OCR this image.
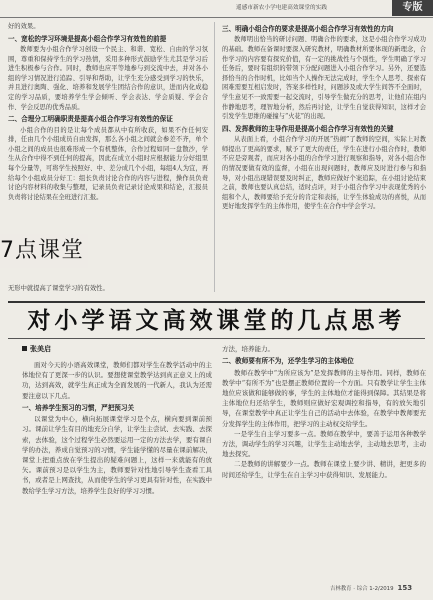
遥感市新农小学电建高效课堂的实践	专版

好的效果。

一、宽松的学习环境是提高小组合作学习有效性的前提

教师要为小组合作学习创设一个民主、和谐、宽松、自由的学习氛围，尊重和保持学生的学习热情，采用多种形式鼓励学生尤其是学习后进生积极参与合作。同时，教师也应平等地参与到交流中去，并对各小组的学习情况进行追踪、引导和帮助，让学生充分感受到学习的快乐，并且进行奥陶、强化、培养和发展学生团结合作的意识，进而内化成稳定的学习品质，要培养学生学会倾听、学会表达、学会质疑、学会合作、学会反思的优秀品质。

二、合理分工明确职责是提高小组合作学习有效性的保证

小组合作的目的是让每个成员都从中有所收获，如果不作任何安排，任由几个小组成员自由发挥，那么各小组之间就会参差不齐，单个小组之间的成员也很难形成一个有机整体，合作过程如同一盘散沙，学生从合作中得不到任何的提高，因此在成立小组时应根据能力分好组里每个分量等，可将学生按照好、中、差分成几个小组，每组4人为宜，再给每个小组成员分好工：组长负责讨论合作的内容与进程，操作员负责讨论内容材料的收集与整理，记录员负责记录讨论成果和结论，汇报员负责将讨论结果在全班进行汇报。

三、明确小组合作的要求是提高小组合作学习有效性的方向

教师明出恰当的研讨问题、明确合作的要求，这是小组合作学习成功的基础。教师在备课时要深入研究教材，明确教材所要体现的新理念，合作学习的内容要有探究价值，有一定的挑战性与个别性，学生明确了学习任务后，要时有组织的带领下分配问题进入小组合作学习。另外，还要选择恰当的合作时机，比如当个人操作无法完成时，学生个人思考、探索有困难需要互相启发时，答案多样性时，问题涉及或大学生间答不全面时，学生意见不一致需要一起交流时，引导学生做充分的思考，让他们在组内作静地思考，理智地分析，然后再讨论，让学生自觉获得知识，这样才会引发学生思维的碰撞与“火花”的出现。

四、发挥教师的主导作用是提高小组合作学习有效性的关键

从表面上看，小组合作学习的开展“热闹”了教师的空间，实际上对教师提出了更高的要求，赋予了更大的责任，学生在进行小组合作时，教师不应是旁观者，而应对各小组的合作学习进行观察和指导，对各小组合作的情况要做有效的监督，小组在出现问题时，教师应及时进行参与和指导，对小组出现错误要及时纠正，教师应做好个案追踪，在小组讨论结束之前，教师也要认真总结，适时点评，对于小组合作学习中表现优秀的小组和个人，教师要给予充分的肯定和表扬，让学生体验成功的喜悦，从而更好地发挥学生的主体作用，使学生在合作中学会学习。

无形中就提高了课堂学习的有效性。
7点课堂
对小学语文高效课堂的几点思考
张美启

面对今天的小语高效课堂，教师们都对学生在教学活动中的主体地位有了更深一步的认识。要想使课堂教学达到真正意义上的成功，达到高效，就学生真正成为全面发展的一代新人，我认为还需要注意以下几点。

一、培养学生预习的习惯，严把预习关

以课堂为中心，横向拓展课堂学习是个点，横向要到课前预习。课前让学生有目的地充分自学，让学生主尝试、去实践、去探索，去体验，这个过程学生必然要运用一定的方法去学，要有课自学的办法，养成自觉预习的习惯，学生能学懂的尽量在课前解决，课堂上把重点放在学生提出的疑难问题上，这样一来就能有的放矢。课前预习是以学生为主，教师要针对性地引导学生查看工具书，或者是上网查找，从而使学生的学习更具有针对性，在实践中教给学生学习方法，培养学生良好的学习习惯。

方法，培养能力。

二、教师要有所不为，还学生学习的主体地位

教师在教学中“为所应该为”是发挥教师的主导作用。同样，教师在教学中“有所不为”也是摆正教师位置的一个方面。只有教学让学生主体地位应该做和能够做的事，学生的主体地位才能得到保障。其结果是将主体地位归还给学生，教师则应做好宏观调控和指导，有的放矢地引导，在课堂教学中真正让学生自己的活动中去体验，在教学中教师要充分发挥学生的主体作用，把学习的主动权交给学生。

一是学生自主学习要多一点。教师在教学中，要善于运用各种教学方法，调动学生的学习兴趣，让学生主动地去学，主动地去思考，主动地去探究。

二是教师的讲解要少一点。教师在课堂上要少讲、精讲，把更多的时间还给学生，让学生在自主学习中获得知识、发展能力。

吉林教育 · 综合 1-2/2019 153
